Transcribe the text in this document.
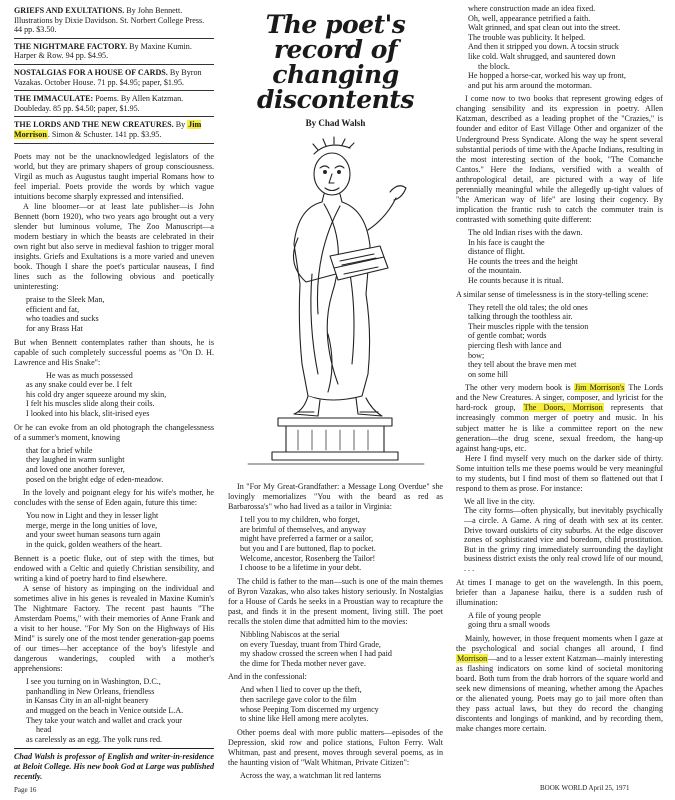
GRIEFS AND EXULTATIONS. By John Bennett. Illustrations by Dixie Davidson. St. Norbert College Press. 44 pp. $3.50.
THE NIGHTMARE FACTORY. By Maxine Kumin. Harper & Row. 94 pp. $4.95.
NOSTALGIAS FOR A HOUSE OF CARDS. By Byron Vazakas. October House. 71 pp. $4.95; paper, $1.95.
THE IMMACULATE: Poems. By Allen Katzman. Doubleday. 85 pp. $4.50; paper, $1.95.
THE LORDS AND THE NEW CREATURES. By Jim Morrison. Simon & Schuster. 141 pp. $3.95.

Poets may not be the unacknowledged legislators of the world, but they are primary shapers of group consciousness. Virgil as much as Augustus taught imperial Romans how to feel imperial. Poets provide the words by which vague intuitions become sharply expressed and intensified.

A line bloomer—or at least late publisher—is John Bennett (born 1920), who two years ago brought out a very slender but luminous volume, The Zoo Manuscript—a modern bestiary in which the beasts are celebrated in their own right but also serve in medieval fashion to trigger moral insights. Griefs and Exultations is a more varied and uneven book. Though I share the poet's particular nauseas, I find lines such as the following obvious and poetically uninteresting:

praise to the Sleek Man,
efficient and fat,
who toadies and sucks
for any Brass Hat

But when Bennett contemplates rather than shouts, he is capable of such completely successful poems as "On D. H. Lawrence and His Snake":

He was as much possessed
as any snake could ever be. I felt
his cold dry anger squeeze around my skin,
I felt his muscles slide along their coils.
I looked into his black, slit-irised eyes

Or he can evoke from an old photograph the changelessness of a summer's moment, knowing

that for a brief while
they laughed in warm sunlight
and loved one another forever,
posed on the bright edge of eden-meadow.

In the lovely and poignant elegy for his wife's mother, he concludes with the sense of Eden again, future this time:

You now in Light and they in lesser light
merge, merge in the long unities of love,
and your sweet human seasons turn again
in the quick, golden weathers of the heart.

Bennett is a poetic fluke, out of step with the times, but endowed with a Celtic and quietly Christian sensibility, and writing a kind of poetry hard to find elsewhere.

A sense of history as impinging on the individual and sometimes alive in his genes is revealed in Maxine Kumin's The Nightmare Factory. The recent past haunts "The Amsterdam Poems," with their memories of Anne Frank and a visit to her house. "For My Son on the Highways of His Mind" is surely one of the most tender generation-gap poems of our times—her acceptance of the boy's lifestyle and dangerous wanderings, coupled with a mother's apprehensions:

I see you turning on in Washington, D.C.,
panhandling in New Orleans, friendless
in Kansas City in an all-night beanery
and mugged on the beach in Venice outside L.A.
They take your watch and wallet and crack your
head
as carelessly as an egg. The yolk runs red.

Chad Walsh is professor of English and writer-in-residence at Beloit College. His new book God at Large was published recently.

The poet's record of changing discontents
By Chad Walsh

In "For My Great-Grandfather: a Message Long Overdue" she lovingly memorializes "You with the beard as red as Barbarossa's" who had lived as a tailor in Virginia:

I tell you to my children, who forget,
are brimful of themselves, and anyway
might have preferred a farmer or a sailor,
but you and I are buttoned, flap to pocket.
Welcome, ancestor, Rosenberg the Tailor!
I choose to be a lifetime in your debt.

The child is father to the man—such is one of the main themes of Byron Vazakas, who also takes history seriously. In Nostalgias for a House of Cards he seeks in a Proustian way to recapture the past, and finds it in the present moment, living still. The poet recalls the stolen dime that admitted him to the movies:

Nibbling Nabiscos at the serial
on every Tuesday, truant from Third Grade,
my shadow crossed the screen when I had paid
the dime for Theda mother never gave.

And in the confessional:

And when I lied to cover up the theft,
then sacrilege gave color to the film
whose Peeping Tom discerned my urgency
to shine like Hell among mere acolytes.

Other poems deal with more public matters—episodes of the Depression, skid row and police stations, Fulton Ferry. Walt Whitman, past and present, moves through several poems, as in the haunting vision of "Walt Whitman, Private Citizen":

Across the way, a watchman lit red lanterns
where construction made an idea fixed.
Oh, well, appearance petrified a faith.
Walt grinned, and spat clean out into the street.
The trouble was publicity. It helped.
And then it stripped you down. A tocsin struck
like cold. Walt shrugged, and sauntered down
the block.
He hopped a horse-car, worked his way up front,
and put his arm around the motorman.

I come now to two books that represent growing edges of changing sensibility and its expression in poetry. Allen Katzman, described as a leading prophet of the "Crazies," is founder and editor of East Village Other and organizer of the Underground Press Syndicate. Along the way he spent several substantial periods of time with the Apache Indians, resulting in the most interesting section of the book, "The Comanche Cantos." Here the Indians, versified with a wealth of anthropological detail, are pictured with a way of life perennially meaningful while the allegedly up-tight values of "the American way of life" are losing their cogency. By implication the frantic rush to catch the commuter train is contrasted with something quite different:

The old Indian rises with the dawn.
In his face is caught the
distance of flight.
He counts the trees and the height
of the mountain.
He counts because it is ritual.

A similar sense of timelessness is in the story-telling scene:

They retell the old tales; the old ones
talking through the toothless air.
Their muscles ripple with the tension
of gentle combat; words
piercing flesh with lance and
bow;
they tell about the brave men met
on some hill

The other very modern book is Jim Morrison's The Lords and the New Creatures. A singer, composer, and lyricist for the hard-rock group, The Doors, Morrison represents that increasingly common merger of poetry and music. In his subject matter he is like a committee report on the new generation—the drug scene, sexual freedom, the hang-up against hang-ups, etc.

Here I find myself very much on the darker side of thirty. Some intuition tells me these poems would be very meaningful to my students, but I find most of them so flattened out that I respond to them as prose. For instance:

We all live in the city.

The city forms—often physically, but inevitably psychically—a circle. A Game. A ring of death with sex at its center. Drive toward outskirts of city suburbs. At the edge discover zones of sophisticated vice and boredom, child prostitution. But in the grimy ring immediately surrounding the daylight business district exists the only real crowd life of our mound, . . .

At times I manage to get on the wavelength. In this poem, briefer than a Japanese haiku, there is a sudden rush of illumination:

A file of young people
going thru a small woods

Mainly, however, in those frequent moments when I gaze at the psychological and social changes all around, I find Morrison—and to a lesser extent Katzman—mainly interesting as flashing indicators on some kind of societal monitoring board. Both turn from the drab horrors of the square world and seek new dimensions of meaning, whether among the Apaches or the alienated young. Poets may go to jail more often than they pass actual laws, but they do record the changing discontents and longings of mankind, and by recording them, make changes more certain.

Page 16	BOOK WORLD April 25, 1971
